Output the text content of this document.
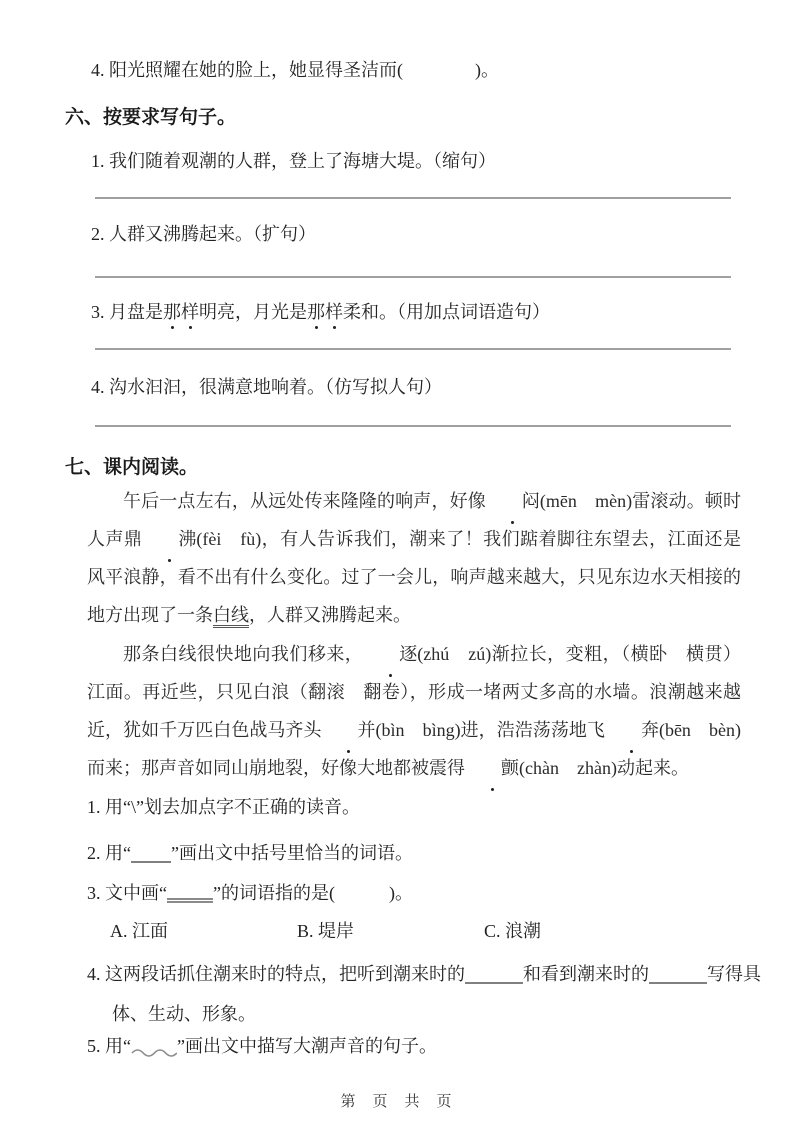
4. 阳光照耀在她的脸上，她显得圣洁而(　　　　)。
六、按要求写句子。
1. 我们随着观潮的人群，登上了海塘大堤。（缩句）
2. 人群又沸腾起来。（扩句）
3. 月盘是那样明亮，月光是那样柔和。（用加点词语造句）
4. 沟水汩汩，很满意地响着。（仿写拟人句）
七、课内阅读。
午后一点左右，从远处传来隆隆的响声，好像 闷(mēn　mèn)雷滚动。顿时人声鼎 沸(fèi　fù)，有人告诉我们，潮来了！我们踮着脚往东望去，江面还是风平浪静，看不出有什么变化。过了一会儿，响声越来越大，只见东边水天相接的地方出现了一条白线，人群又沸腾起来。
那条白线很快地向我们移来， 逐(zhú　zú)渐拉长，变粗，（横卧　横贯）江面。再近些，只见白浪（翻滚　翻卷），形成一堵两丈多高的水墙。浪潮越来越近，犹如千万匹白色战马齐头 并(bìn　bìng)进，浩浩荡荡地飞 奔(bēn　bèn)而来；那声音如同山崩地裂，好像大地都被震得 颤(chàn　zhàn)动起来。
1. 用“\”划去加点字不正确的读音。
2. 用“ ”画出文中括号里恰当的词语。
3. 文中画“	”的词语指的是(　　　)。
A. 江面	B. 堤岸	C. 浪潮
4. 这两段话抓住潮来时的特点，把听到潮来时的	和看到潮来时的	写得具体、生动、形象。
5. 用“	”画出文中描写大潮声音的句子。
第　页　共　页
